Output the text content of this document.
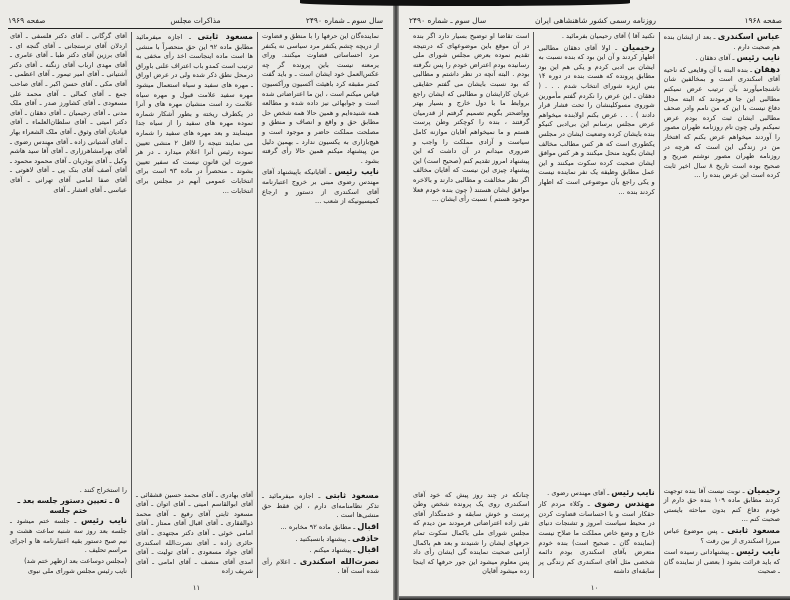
سال سوم ـ شماره ۲۴۹۰
مذاکرات مجلس
صفحه ۱۹۶۹
نماینده‌گان این حرفها را با منطق و قضاوت از دریچه چشم یکنفر مرد سیاسی نه یکنفر مرد احساساتی قضاوت میکنند. ورای یرمعنه‌ نیست باین پرونده گر چه عکس‌العمل خود ایشان است ـ و باید گفت کمتر مقبقه کرد باهیئت آکسیون ورآکسیون قیاس میکنم است ، این ما اعتراضاتی شده است و جوابهائی نیز داده شده و مطالعه همه شنیده‌ایم و همین حالا همه شخص حل مطابق حق و واقع و انصاف و منطق و مصلحت مملکت حاضر و موجود است و هیچ‌بازاری به یکسیون ندارد ـ بهمین دلیل من پیشنهاد میکنم همین حالا رأی گرفته بشود .
نایب رئیس ـ آقایانیکه باپیشنهاد آقای مهندس رضوی مبنی بر خروج اعتبارنامه آقای اسکندری از دستور و ارجاع کمیسیونیکه از شعب ...
مسعود ثابتی ـ اجازه میفرمائید ـ تذکر نظامنامه‌ای دارم ، این فقط حق منشی‌ها است .
اقبال ـ مطابق ماده ۹۲ مخابره ...
حاذقی ـ پیشنهاد بانسبکنید .
اقبال ـ پیشنهاد میکنم .
نصرت‌الله اسکندری ـ اعلام رأی شده است آقا .
مسعود ثابتی ـ اجازه میفرمائید مطابق ماده ۹۲ این حق منحصراً با منشی ها است ماده اینجاست اخذ رأی مخفی به ترتیب است کمدو باب اعتراف علنی باوراق درمحل نطق ذکر شده ولی در عرض اوراق ـ مهره های سفید و سیاه استعمال میشود مهره سفید علامت قبول و مهره سیاه علامت رد است منشیان مهره های و آنرا در یکطرف ریخته و بطور آشکار شماره نموده مهره های سفید را از سیاه جدا مینمایند و بعد مهره های سفید را شماره می نمایند نتیجه را لااقل ۲ منشی تعیین نموده رئیس آنرا اعلام میدارد ـ در هر صورت این قانون نیست که سفیر تعیین بشوند ـ منحصراً در ماده ۹۳ است برای انتخابات عمومی آنهم در مجلس برای انتخابات ...
آقای بهادری ـ آقای محمد حسین قشقائی ـ آقای ابوالقاسم امینی ـ آقای اتوان ـ آقای مسعود ثابتی آقای رفیع ـ آقای محمد ذوالفقاری ـ آقای اقبال آقای ممتاز ـ آقای امامی خوئی ـ آقای دکتر مجتهدی ـ آقای حائری زاده ـ آقای نصرت‌الله اسکندری آقای جواد مسعودی ـ آقای تولیت ـ آقای امدی آقای منصف ـ آقای امامی ـ آقای شریف زاده
آقای گرگانی ـ آقای دکتر فلسفی ـ آقای اردلان آقای ترستجانی ـ آقای گنجه ای ـ آقای برزین آقای دکتر طبا ـ آقای عامری ـ آقای مهدی ارباب آقای زنگنه ـ آقای دکتر آشتیانی ـ آقای امیر تیمور ـ آقای اعظمی ـ آقای مکی ـ آقای حسن اکبر ـ آقای صاحب جمع ـ آقای کمالی ـ آقای محمد علی مسعودی ـ آقای کشاورز صدر ـ آقای ملک مدنی ـ آقای رحیمیان ـ آقای دهقان ـ آقای دکتر امیتی ـ آقای سلطان‌العلماء ـ آقای قیادیان آقای وثوق ـ آقای ملک الشعراء بهار ـ آقای آشتیانی زاده ـ آقای مهندس رضوی ـ آقای بهرامشاهرزاری ـ آقای آقا سید هاشم وکیل ـ آقای بوذریان ـ آقای محمود محمود ـ آقای آصف آقای بنک پی ـ آقای لاهوتی ـ آقای صفا امامی آقای تهرانی ـ آقای عباسی ـ آقای افشار ـ آقای
را استخراج کنند .
۵ ـ تعیین دستور جلسه بعد ـ ختم جلسه
نایب رئیس ـ جلسه ختم میشود ـ جلسه بعد روز سه شنبه ساعت هشت و نیم صبح دستور بقیه اعتبارنامه ها و اجرای مراسم تحلیف .
(مجلس دوساعت بعد ازظهر ختم شد)
نایب رئیس مجلس شورای ملی نبوی
۱۱
صفحه ۱۹۶۸
روزنامه رسمی کشور شاهنشاهی ایران
سال سوم ـ شماره ۲۴۹۰
عباس اسکندری ـ بعد از ایشان بنده هم صحبت دارم .
نایب رئیس ـ آقای دهقان .
دهقان ـ بنده البته با آن وقایعی که ناحیه آقای اسکندری است و بمخالفین شان ناشنجامیآورند بآن ترتیب عرض نمیکنم مطالبی این جا فرمودند که البته مجال دفاع نیست با این که من نامم وادر صحف مطالبی ایشان ثبت کرده بودم عرض نمیکنم ولی چون نام روزنامه طهران مصور را آوردند میخواهم عرض بکنم که افتخار من در زندگی این است که هرچه در روزنامه طهران مصور نوشتم صریح و صحیح بوده است تاریخ ۸ سال اخیر ثابت کرده است این عرض بنده را ...
رحیمیان ـ نوبت نیست آقا بنده توجهت کردند مطابق ماده ۱۰۹ بنده حق دارم از خودم دفاع کنم بدون مباحثه بایستی صحبت کنم ...
مسعود ثابتی ـ پس موضوع عباس میرزا اسکندری از بین رفت ؟
نایب رئیس ـ پیشنهادانی رسیده است که باید قرائت بشود ( بعضی از نماینده گان ـ صحبت
نکنید آقا ) آقای رحیمیان بفرمائید .
رحیمیان ـ اولا آقای دهقان مطالبی اظهار کردند و آن این بود که بنده نسبت به ایشان بی ادبی کردم و یکی هم این بود مطابق پرونده که هست بنده در دوره ۱۴ بس ازیزه شورای انتخاب شدم . . . ( دهقان ـ این عرض را نکردم گفتم مأمورین شوروی مسوکلینشان را تحت فشار قرار دادند ) . . . عرض بکنم اولابنده میخواهم عرض مجلس برسانم این بی‌ادبی کنیکو بنده بایشان کرده وضعیت ایشان در مجلس یکطوری است که هر کس مطالب مخالف ایشان بگوید منحل میکنند و هر کس موافق ایشان صحبت کرده سکوت میکنند و این عمل مطابق وظیفه یک نفر نماینده نیست و یکی راجع بآن موضوعی است که اظهار کردند بنده ...
نایب رئیس ـ آقای مهندس رضوی .
مهندس رضوی ـ وکلاء مردم کار حقکار است و با احساسات قضاوت کردن در محیط سیاست امروز و تشنجات دنیای خارج و وضع خاص مملکت ما صلاح نیست (نماینده گان ـ صحیح است) بنده خودم متعرض بآقای اسکندری بودم دائمه شخصی مثل آقای اسکندری کم زندگی پر سابقه‌ای داشته
است تقاضا او توضیح بسیار دارد اگر بنده در آن موقع باین موضوعهای که درنتیجه تقدیم نموده بعرض مجلس شورای ملی رسانیده بودم اعتراض خودم را پس نگرفته بودم . البته آنچه در نظر داشتم و مطالبی که بود نسبت بایشان می گفتم حقایقی عریان کارایشان و مطالبی که ایشان راجع بروابط ما با دول خارج و بسیار بهتر وواضحتر بگویم تصمیم گرفتم از قدرمیان گرفتند ، بنده را کوچکتر وطن پرست هستم و ما نمیخواهم آقایان موازنه کامل سیاست و آزادی مملکت را واجب و ضروری میدانم در آن داشت که این پیشنهاد امروز تقدیم کنم (صحیح است) این پیشنهاد چیزی این نیست که آقایان مخالف اگر نظر مخالفت و مطالبی دارند و بالاخره موافق ایشان هستند ( چون بنده خودم فعلا موجود هستم ) نسبت رأی ایشان ...
چنانکه در چند روز پیش که خود آقای اسکندری روی یک پرونده شخص وطن پرست و خوش سابقه و خدمتگذار آقای تقی زاده اعتراضاتی فرمودند من دیدم که مجلس شورای ملی باکمال سکوت تمام حرفهای ایشان را شنیدند و بعد هم باکمال آرامی صحبت نماینده گی ایشان رأی داد پس معلوم میشود این جور حرفها که اینجا زده میشود آقایان
۱۰
